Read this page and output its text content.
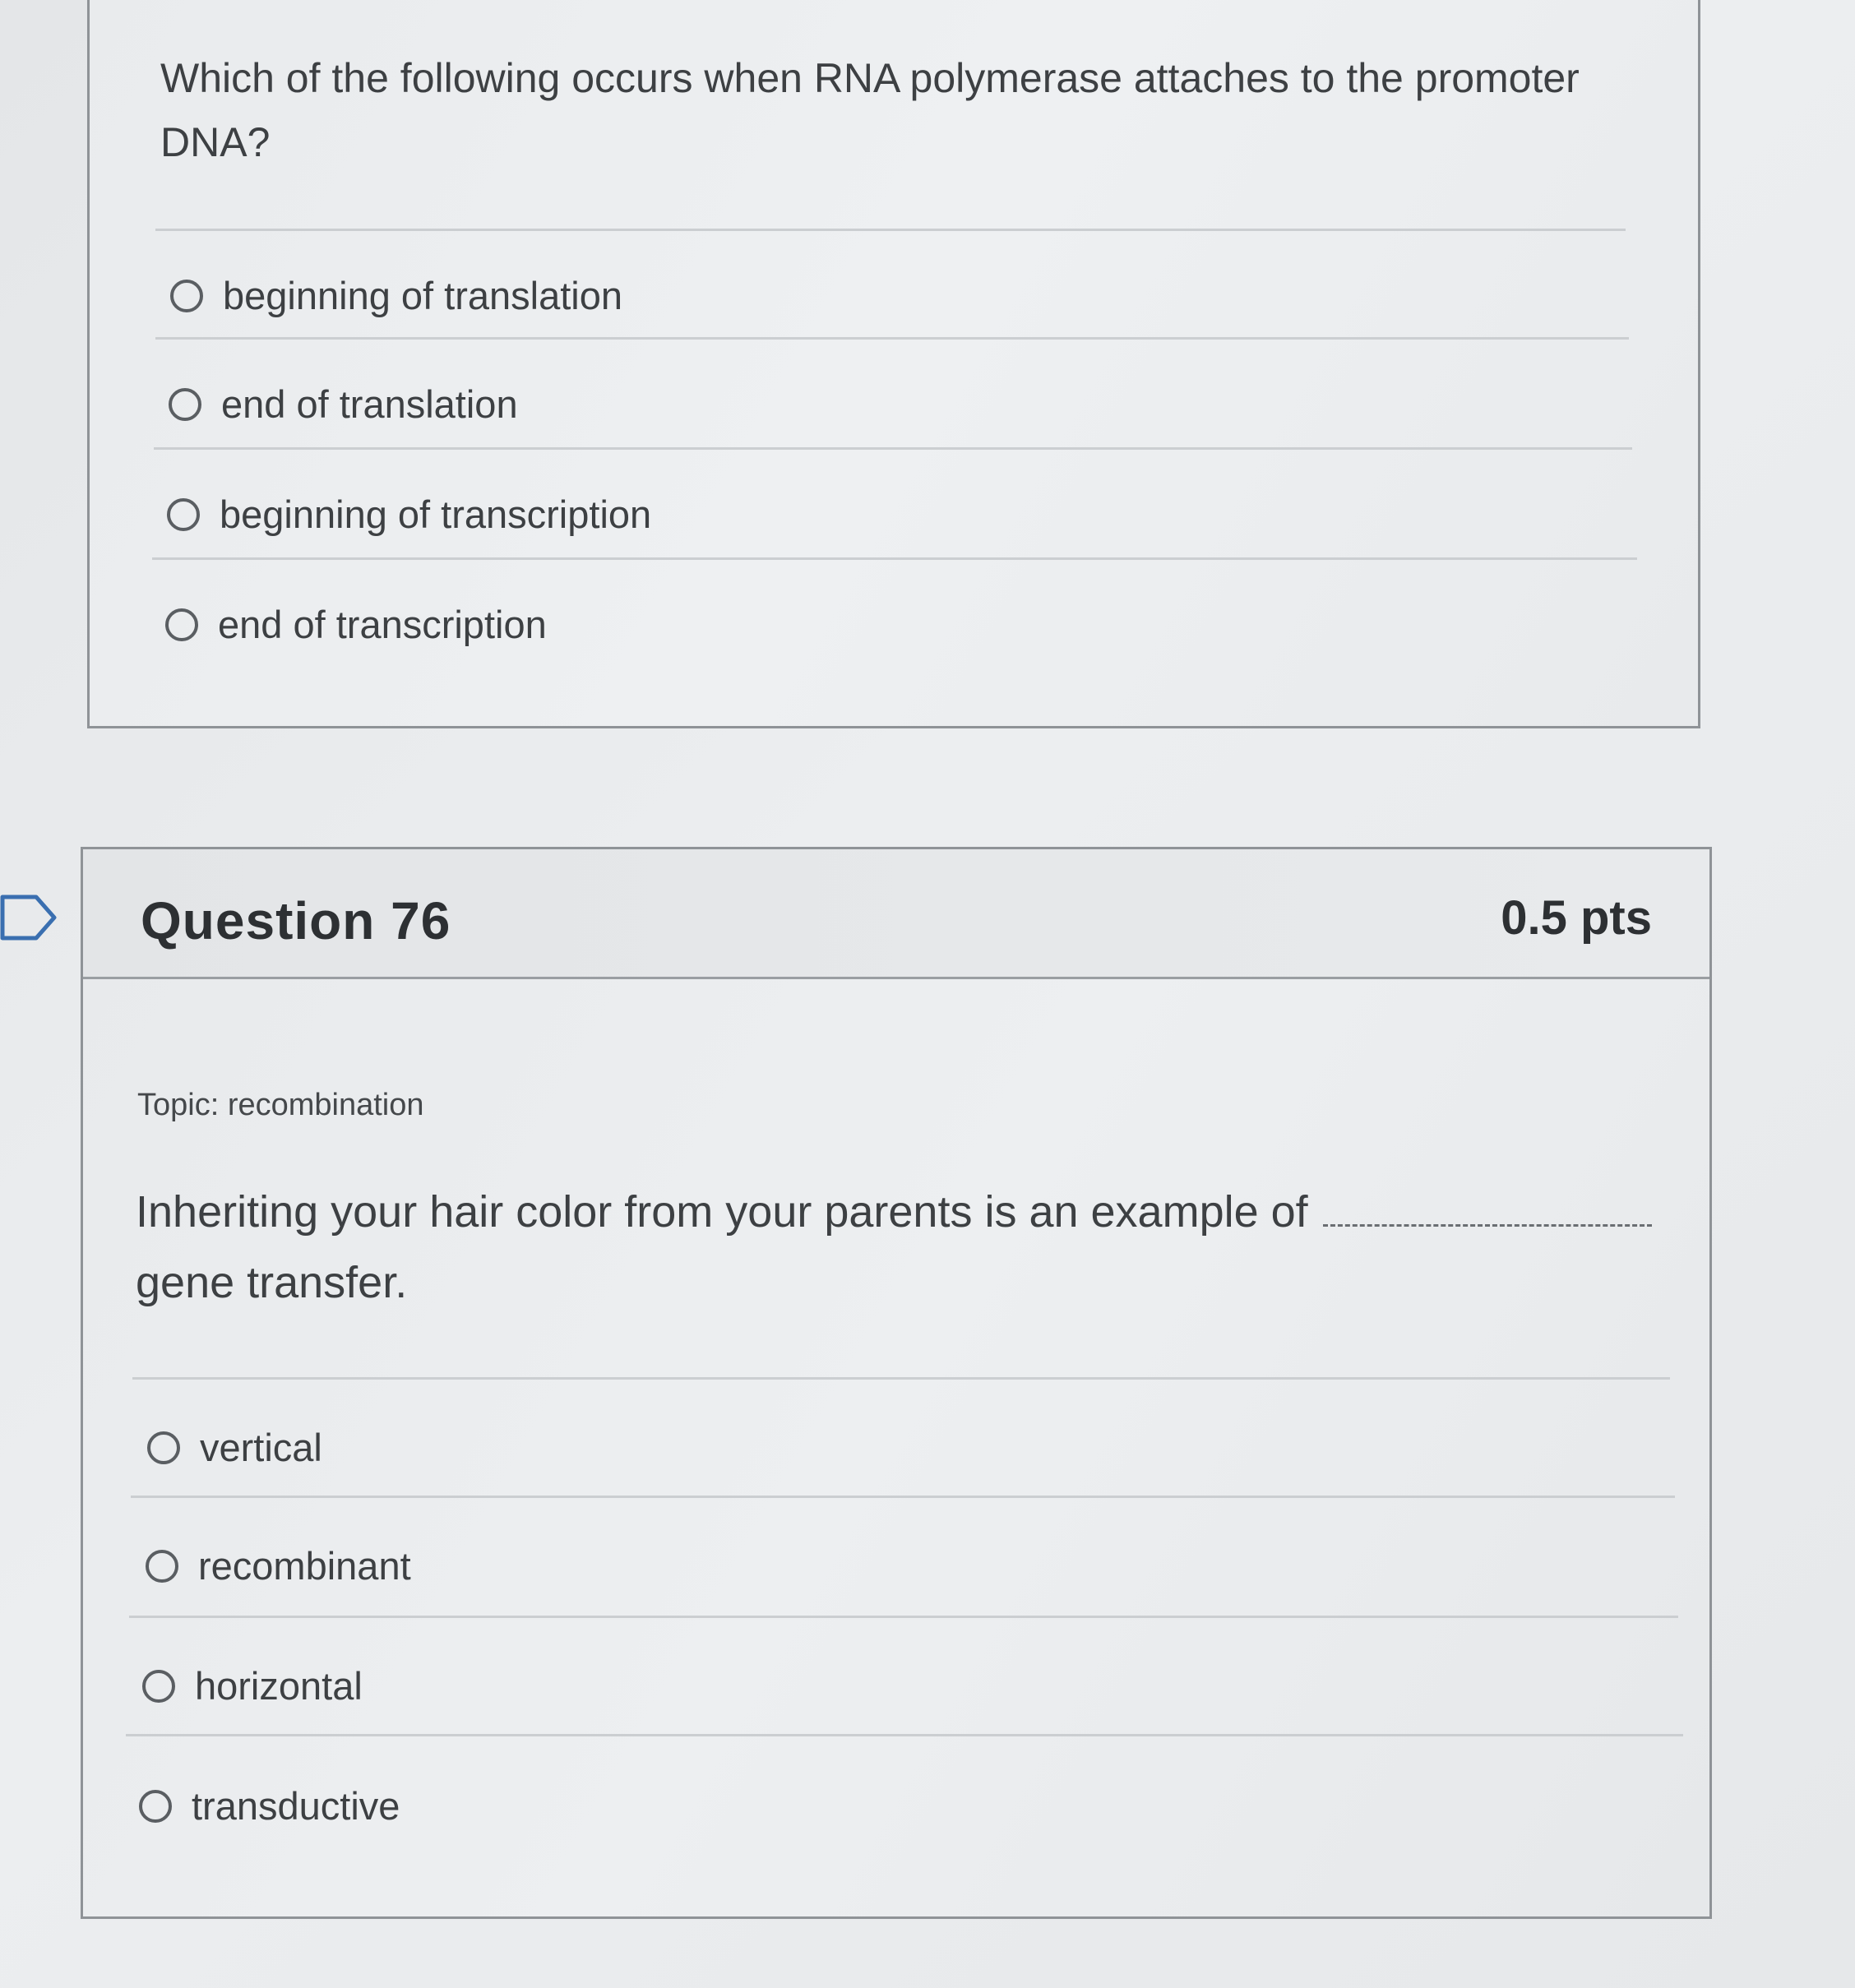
Which of the following occurs when RNA polymerase attaches to the promoter DNA?
beginning of translation
end of translation
beginning of transcription
end of transcription
Question 76	0.5 pts
Topic: recombination
Inheriting your hair color from your parents is an example of
gene transfer.
vertical
recombinant
horizontal
transductive
